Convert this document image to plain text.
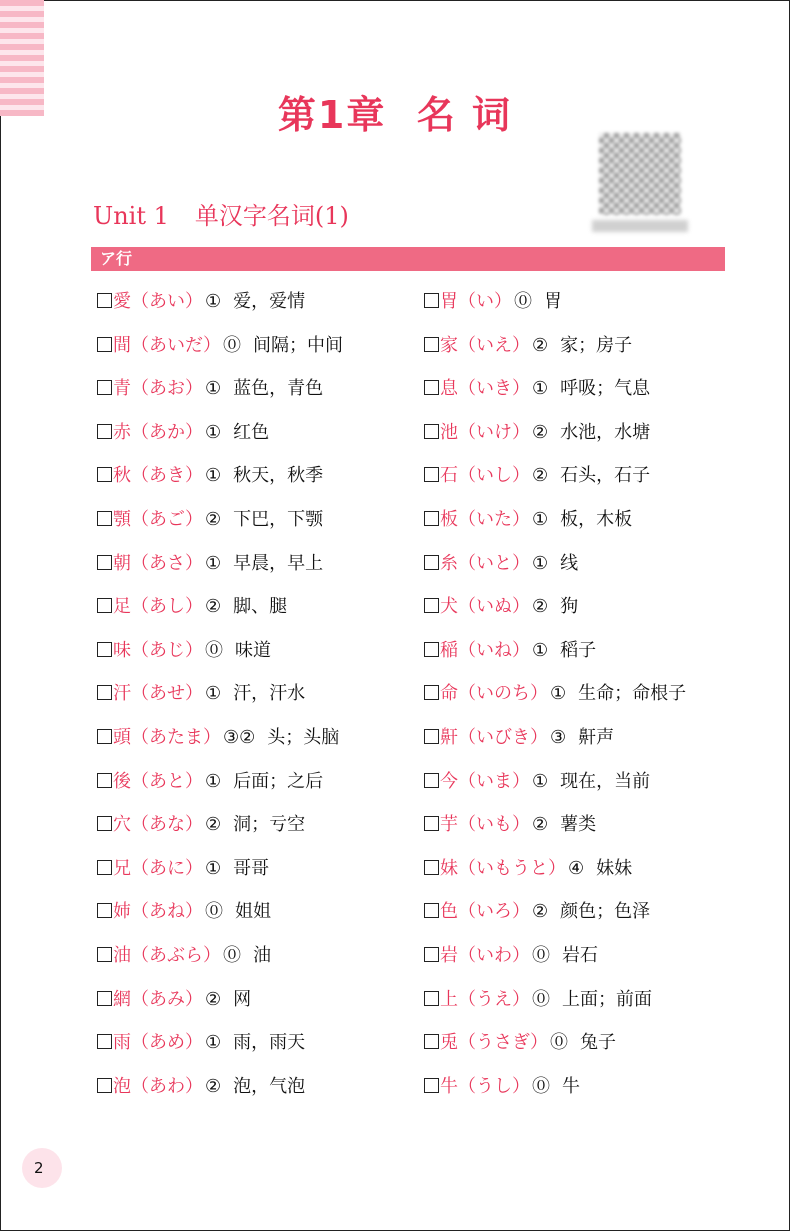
第1章  名 词
Unit 1 单汉字名词(1)
ア行
愛（あい） ① 爱，爱情
間（あいだ） ⓪ 间隔；中间
青（あお） ① 蓝色，青色
赤（あか） ① 红色
秋（あき） ① 秋天，秋季
顎（あご） ② 下巴，下颚
朝（あさ） ① 早晨，早上
足（あし） ② 脚、腿
味（あじ） ⓪ 味道
汗（あせ） ① 汗，汗水
頭（あたま） ③② 头；头脑
後（あと） ① 后面；之后
穴（あな） ② 洞；亏空
兄（あに） ① 哥哥
姉（あね） ⓪ 姐姐
油（あぶら） ⓪ 油
網（あみ） ② 网
雨（あめ） ① 雨，雨天
泡（あわ） ② 泡，气泡
胃（い） ⓪ 胃
家（いえ） ② 家；房子
息（いき） ① 呼吸；气息
池（いけ） ② 水池，水塘
石（いし） ② 石头，石子
板（いた） ① 板，木板
糸（いと） ① 线
犬（いぬ） ② 狗
稲（いね） ① 稻子
命（いのち） ① 生命；命根子
鼾（いびき） ③ 鼾声
今（いま） ① 现在，当前
芋（いも） ② 薯类
妹（いもうと） ④ 妹妹
色（いろ） ② 颜色；色泽
岩（いわ） ⓪ 岩石
上（うえ） ⓪ 上面；前面
兎（うさぎ） ⓪ 兔子
牛（うし） ⓪ 牛
2
